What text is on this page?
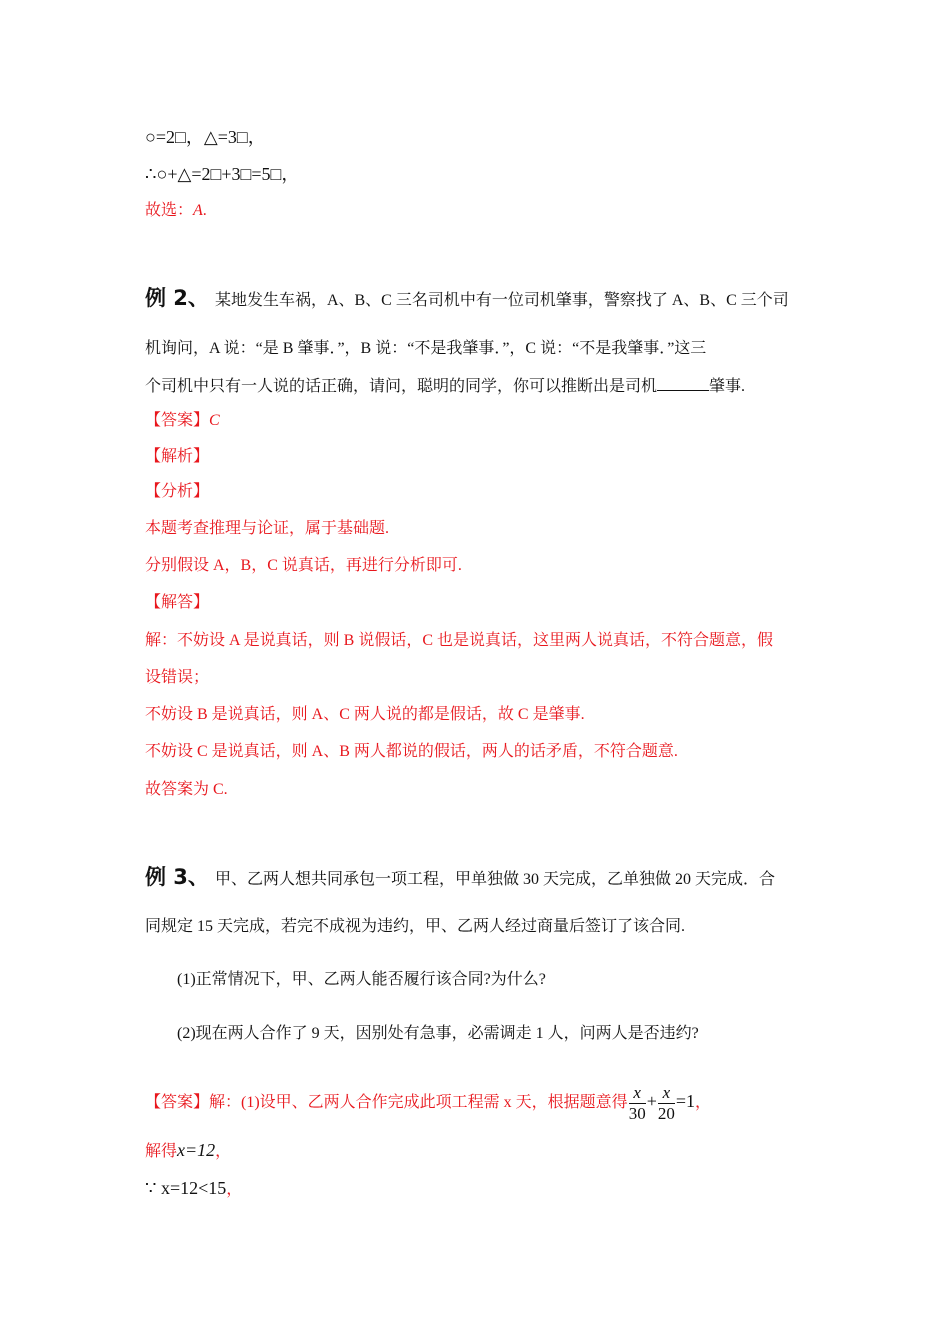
○=2□，△=3□，
∴○+△=2□+3□=5□，
故选：A.
例 2、 某地发生车祸，A、B、C 三名司机中有一位司机肇事，警察找了 A、B、C 三个司
机询问，A 说：“是 B 肇事．”，B 说：“不是我肇事．”，C 说：“不是我肇事．”这三
个司机中只有一人说的话正确，请问，聪明的同学，你可以推断出是司机	肇事.
【答案】C
【解析】
【分析】
本题考查推理与论证，属于基础题.
分别假设 A，B，C 说真话，再进行分析即可.
【解答】
解：不妨设 A 是说真话，则 B 说假话，C 也是说真话，这里两人说真话，不符合题意，假
设错误；
不妨设 B 是说真话，则 A、C 两人说的都是假话，故 C 是肇事.
不妨设 C 是说真话，则 A、B 两人都说的假话，两人的话矛盾，不符合题意.
故答案为 C.
例 3、 甲、乙两人想共同承包一项工程，甲单独做 30 天完成，乙单独做 20 天完成．合
同规定 15 天完成，若完不成视为违约，甲、乙两人经过商量后签订了该合同.
(1)正常情况下，甲、乙两人能否履行该合同?为什么?
(2)现在两人合作了 9 天，因别处有急事，必需调走 1 人，问两人是否违约?
【答案】解：(1)设甲、乙两人合作完成此项工程需 x 天，根据题意得 $\frac{x}{30} + \frac{x}{20} =1$，
解得x=12，
∵ x=12<15，
